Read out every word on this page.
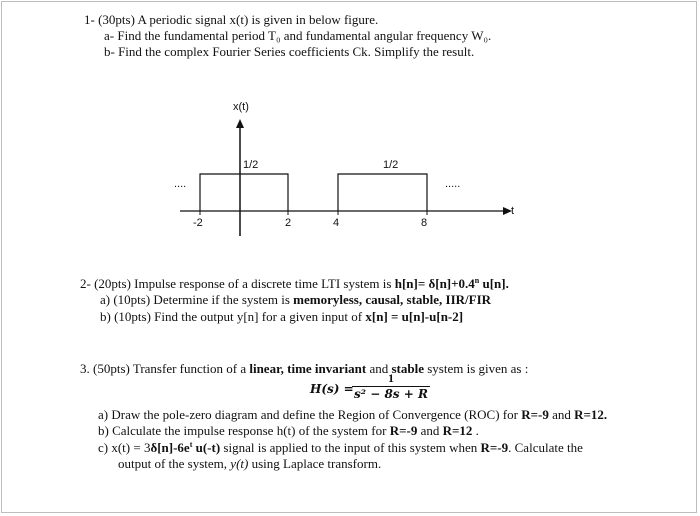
1- (30pts) A periodic signal x(t) is given in below figure.
a- Find the fundamental period T₀ and fundamental angular frequency W₀.
b- Find the complex Fourier Series coefficients Ck. Simplify the result.
x(t)
t
1/2	1/2
....	.....
-2	2	4	8
2- (20pts) Impulse response of a discrete time LTI system is $h[n]= \delta[n]+0.4^n$ u[n].
a) (10pts) Determine if the system is memoryless, causal, stable, IIR/FIR
b) (10pts) Find the output y[n] for a given input of x[n] = u[n]-u[n-2]
3. (50pts) Transfer function of a linear, time invariant and stable system is given as :
H(s) =
1
s² − 8s + R
a) Draw the pole-zero diagram and define the Region of Convergence (ROC) for R=-9 and R=12.
b) Calculate the impulse response h(t) of the system for R=-9 and R=12 .
c) $x(t) = 3\delta[n]-6e^t$ u(-t) signal is applied to the input of this system when R=-9. Calculate the
output of the system, y(t) using Laplace transform.
